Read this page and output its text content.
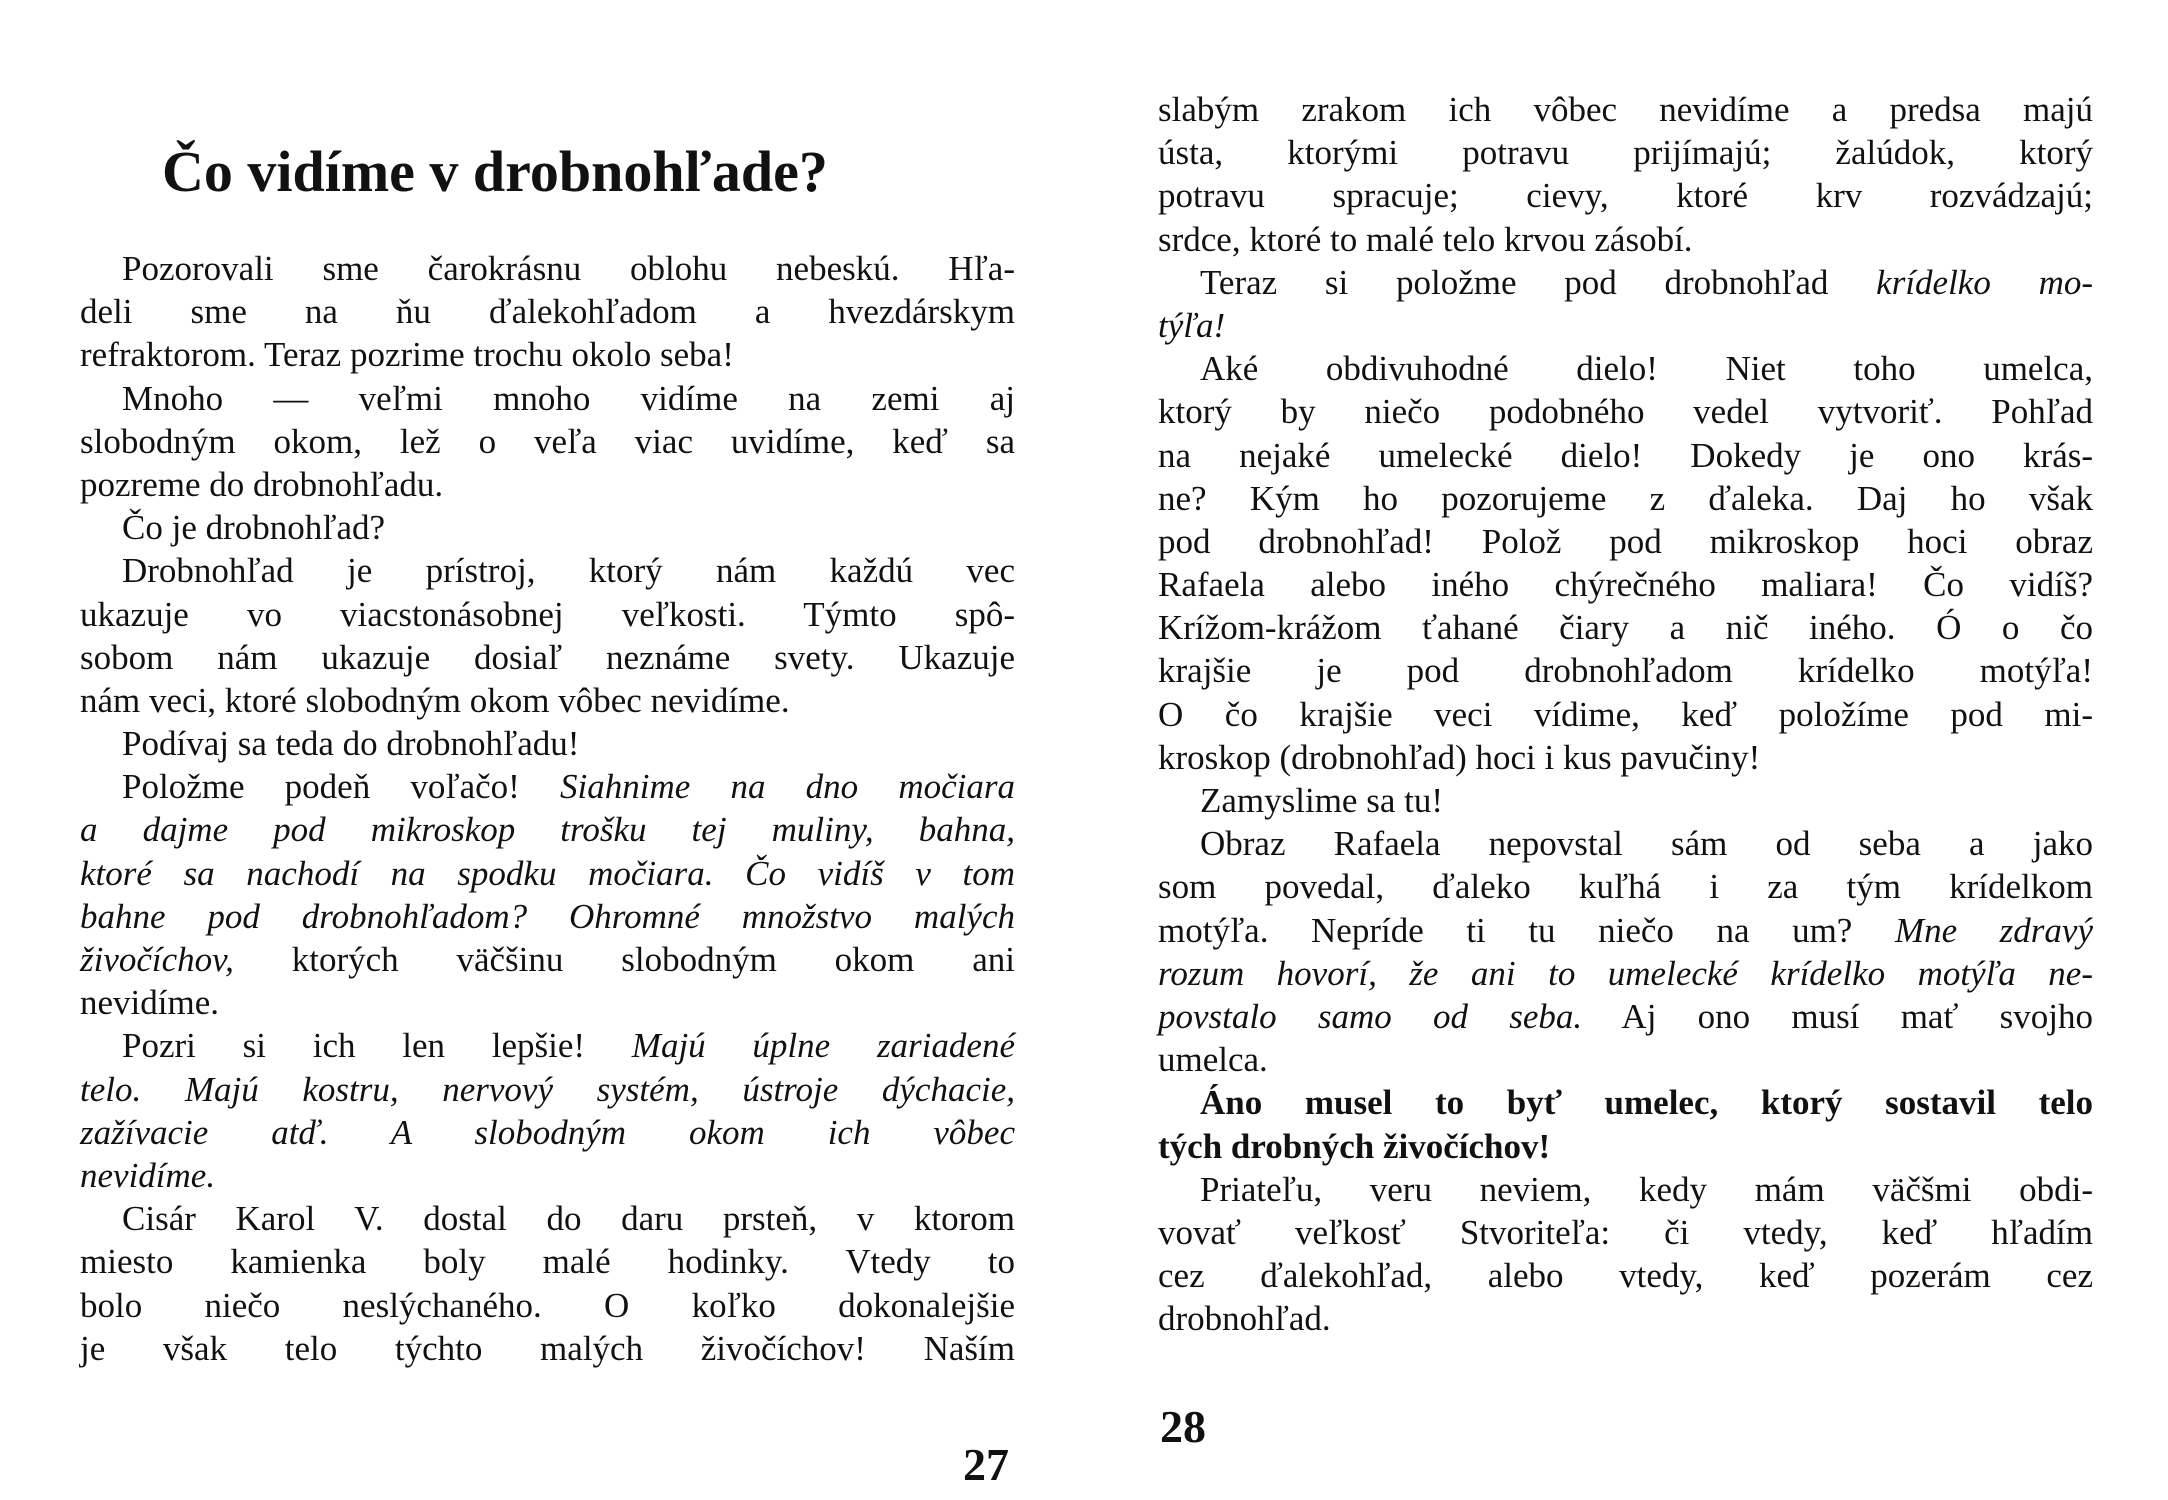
Čo vidíme v drobnohľade?
Pozorovali sme čarokrásnu oblohu nebeskú. Hľa-
deli sme na ňu ďalekohľadom a hvezdárskym
refraktorom. Teraz pozrime trochu okolo seba!
Mnoho — veľmi mnoho vidíme na zemi aj
slobodným okom, lež o veľa viac uvidíme, keď sa
pozreme do drobnohľadu.
Čo je drobnohľad?
Drobnohľad je prístroj, ktorý nám každú vec
ukazuje vo viacstonásobnej veľkosti. Týmto spô-
sobom nám ukazuje dosiaľ neznáme svety. Ukazuje
nám veci, ktoré slobodným okom vôbec nevidíme.
Podívaj sa teda do drobnohľadu!
Položme podeň voľačo! Siahnime na dno močiara
a dajme pod mikroskop trošku tej muliny, bahna,
ktoré sa nachodí na spodku močiara. Čo vidíš v tom
bahne pod drobnohľadom? Ohromné množstvo malých
živočíchov, ktorých väčšinu slobodným okom ani
nevidíme.
Pozri si ich len lepšie! Majú úplne zariadené
telo. Majú kostru, nervový systém, ústroje dýchacie,
zažívacie atď. A slobodným okom ich vôbec
nevidíme.
Cisár Karol V. dostal do daru prsteň, v ktorom
miesto kamienka boly malé hodinky. Vtedy to
bolo niečo neslýchaného. O koľko dokonalejšie
je však telo týchto malých živočíchov! Naším
27
slabým zrakom ich vôbec nevidíme a predsa majú
ústa, ktorými potravu prijímajú; žalúdok, ktorý
potravu spracuje; cievy, ktoré krv rozvádzajú;
srdce, ktoré to malé telo krvou zásobí.
Teraz si položme pod drobnohľad krídelko mo-
týľa!
Aké obdivuhodné dielo! Niet toho umelca,
ktorý by niečo podobného vedel vytvoriť. Pohľad
na nejaké umelecké dielo! Dokedy je ono krás-
ne? Kým ho pozorujeme z ďaleka. Daj ho však
pod drobnohľad! Polož pod mikroskop hoci obraz
Rafaela alebo iného chýrečného maliara! Čo vidíš?
Krížom-krážom ťahané čiary a nič iného. Ó o čo
krajšie je pod drobnohľadom krídelko motýľa!
O čo krajšie veci vídime, keď položíme pod mi-
kroskop (drobnohľad) hoci i kus pavučiny!
Zamyslime sa tu!
Obraz Rafaela nepovstal sám od seba a jako
som povedal, ďaleko kuľhá i za tým krídelkom
motýľa. Nepríde ti tu niečo na um? Mne zdravý
rozum hovorí, že ani to umelecké krídelko motýľa ne-
povstalo samo od seba. Aj ono musí mať svojho
umelca.
Áno musel to byť umelec, ktorý sostavil telo
tých drobných živočíchov!
Priateľu, veru neviem, kedy mám väčšmi obdi-
vovať veľkosť Stvoriteľa: či vtedy, keď hľadím
cez ďalekohľad, alebo vtedy, keď pozerám cez
drobnohľad.
28
